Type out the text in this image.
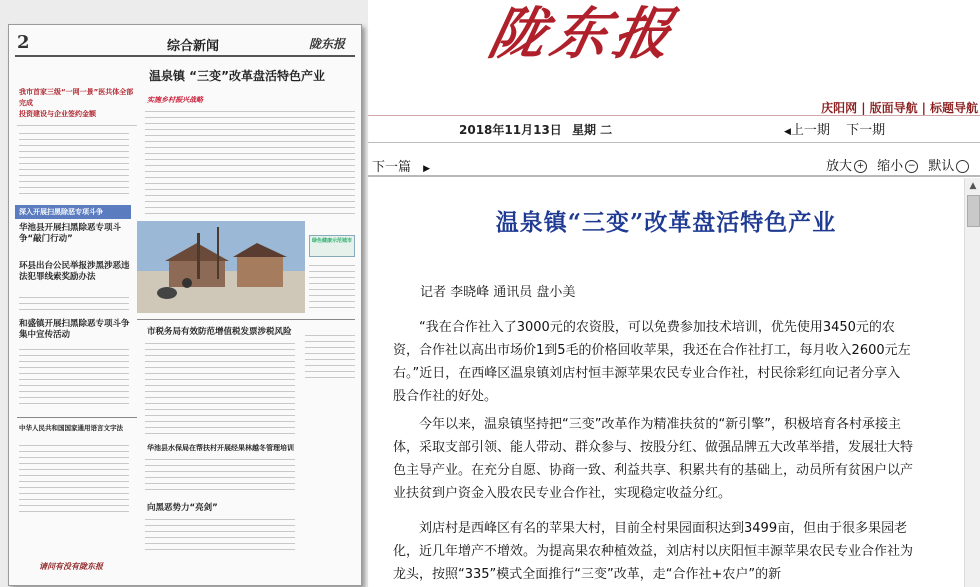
2	综合新闻	陇东报
温泉镇 “三变”改革盘活特色产业
我市首家三级“一网一景”医共体全部完成
投资建设与企业签约金额
深入开展扫黑除恶专项斗争
华池县开展扫黑除恶专项斗争“敲门行动”
环县出台公民举报涉黑涉恶违法犯罪线索奖励办法
和盛镇开展扫黑除恶专项斗争集中宣传活动
中华人民共和国国家通用语言文字法
实施乡村振兴战略
绿色健康示范城市
市税务局有效防范增值税发票涉税风险
华池县水保局在帮扶村开展经果林越冬管理培训
向黑恶势力“亮剑”
请问有没有陇东报
陇东报
庆阳网 | 版面导航 | 标题导航
2018年11月13日 星期 二	◀上一期 下一期
下一篇 ▶	放大 + 缩小 − 默认
▲
温泉镇“三变”改革盘活特色产业
记者 李晓峰 通讯员 盘小美

“我在合作社入了3000元的农资股，可以免费参加技术培训，优先使用3450元的农资，合作社以高出市场价1到5毛的价格回收苹果，我还在合作社打工，每月收入2600元左右。”近日，在西峰区温泉镇刘店村恒丰源苹果农民专业合作社，村民徐彩红向记者分享入股合作社的好处。

今年以来，温泉镇坚持把“三变”改革作为精准扶贫的“新引擎”，积极培育各村承接主体，采取支部引领、能人带动、群众参与、按股分红、做强品牌五大改革举措，发展壮大特色主导产业。在充分自愿、协商一致、利益共享、积累共有的基础上，动员所有贫困户以产业扶贫到户资金入股农民专业合作社，实现稳定收益分红。

刘店村是西峰区有名的苹果大村，目前全村果园面积达到3499亩，但由于很多果园老化，近几年增产不增效。为提高果农种植效益，刘店村以庆阳恒丰源苹果农民专业合作社为龙头，按照“335”模式全面推行“三变”改革，走“合作社+农户”的新
